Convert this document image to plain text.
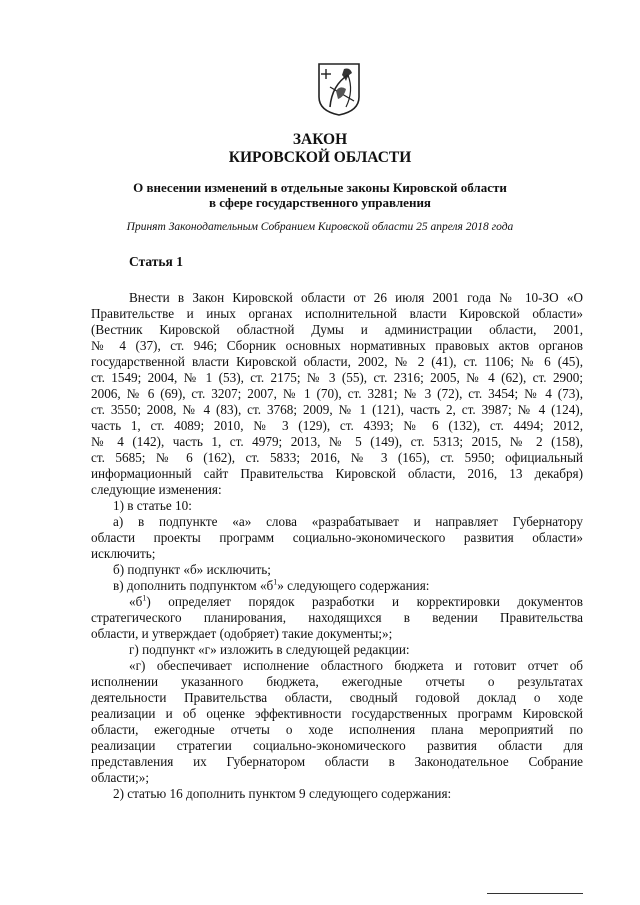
ЗАКОН
КИРОВСКОЙ ОБЛАСТИ
О внесении изменений в отдельные законы Кировской области
в сфере государственного управления
Принят Законодательным Собранием Кировской области 25 апреля 2018 года
Статья 1
Внести в Закон Кировской области от 26 июля 2001 года № 10-ЗО «О
Правительстве и иных органах исполнительной власти Кировской области»
(Вестник Кировской областной Думы и администрации области, 2001,
№ 4 (37), ст. 946; Сборник основных нормативных правовых актов органов
государственной власти Кировской области, 2002, № 2 (41), ст. 1106; № 6 (45),
ст. 1549; 2004, № 1 (53), ст. 2175; № 3 (55), ст. 2316; 2005, № 4 (62), ст. 2900;
2006, № 6 (69), ст. 3207; 2007, № 1 (70), ст. 3281; № 3 (72), ст. 3454; № 4 (73),
ст. 3550; 2008, № 4 (83), ст. 3768; 2009, № 1 (121), часть 2, ст. 3987; № 4 (124),
часть 1, ст. 4089; 2010, № 3 (129), ст. 4393; № 6 (132), ст. 4494; 2012,
№ 4 (142), часть 1, ст. 4979; 2013, № 5 (149), ст. 5313; 2015, № 2 (158),
ст. 5685; № 6 (162), ст. 5833; 2016, № 3 (165), ст. 5950; официальный
информационный сайт Правительства Кировской области, 2016, 13 декабря)
следующие изменения:
1) в статье 10:
а) в подпункте «а» слова «разрабатывает и направляет Губернатору
области проекты программ социально-экономического развития области»
исключить;
б) подпункт «б» исключить;
в) дополнить подпунктом «$б^1$» следующего содержания:
«$б^1$) определяет порядок разработки и корректировки документов
стратегического планирования, находящихся в ведении Правительства
области, и утверждает (одобряет) такие документы;»;
г) подпункт «г» изложить в следующей редакции:
«г) обеспечивает исполнение областного бюджета и готовит отчет об
исполнении указанного бюджета, ежегодные отчеты о результатах
деятельности Правительства области, сводный годовой доклад о ходе
реализации и об оценке эффективности государственных программ Кировской
области, ежегодные отчеты о ходе исполнения плана мероприятий по
реализации стратегии социально-экономического развития области для
представления их Губернатором области в Законодательное Собрание
области;»;
2) статью 16 дополнить пунктом 9 следующего содержания:
